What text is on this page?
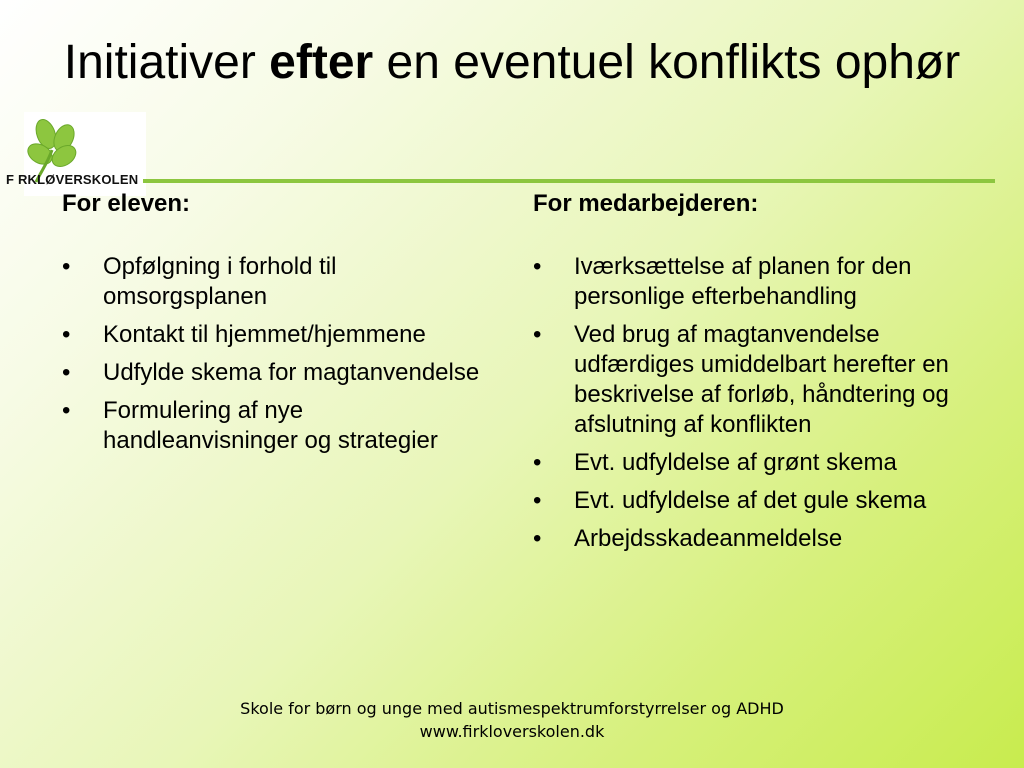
Initiativer efter en eventuel konflikts ophør
F RKLØVERSKOLEN
For eleven:
•	Opfølgning i forhold til omsorgsplanen
•	Kontakt til hjemmet/hjemmene
•	Udfylde skema for magtanvendelse
•	Formulering af nye handleanvisninger og strategier
For medarbejderen:
•	Iværksættelse af planen for den personlige efterbehandling
•	Ved brug af magtanvendelse udfærdiges umiddelbart herefter en beskrivelse af forløb, håndtering og afslutning af konflikten
•	Evt. udfyldelse af grønt skema
•	Evt. udfyldelse af det gule skema
•	Arbejdsskadeanmeldelse
Skole for børn og unge med autismespektrumforstyrrelser og ADHD
www.firkloverskolen.dk
